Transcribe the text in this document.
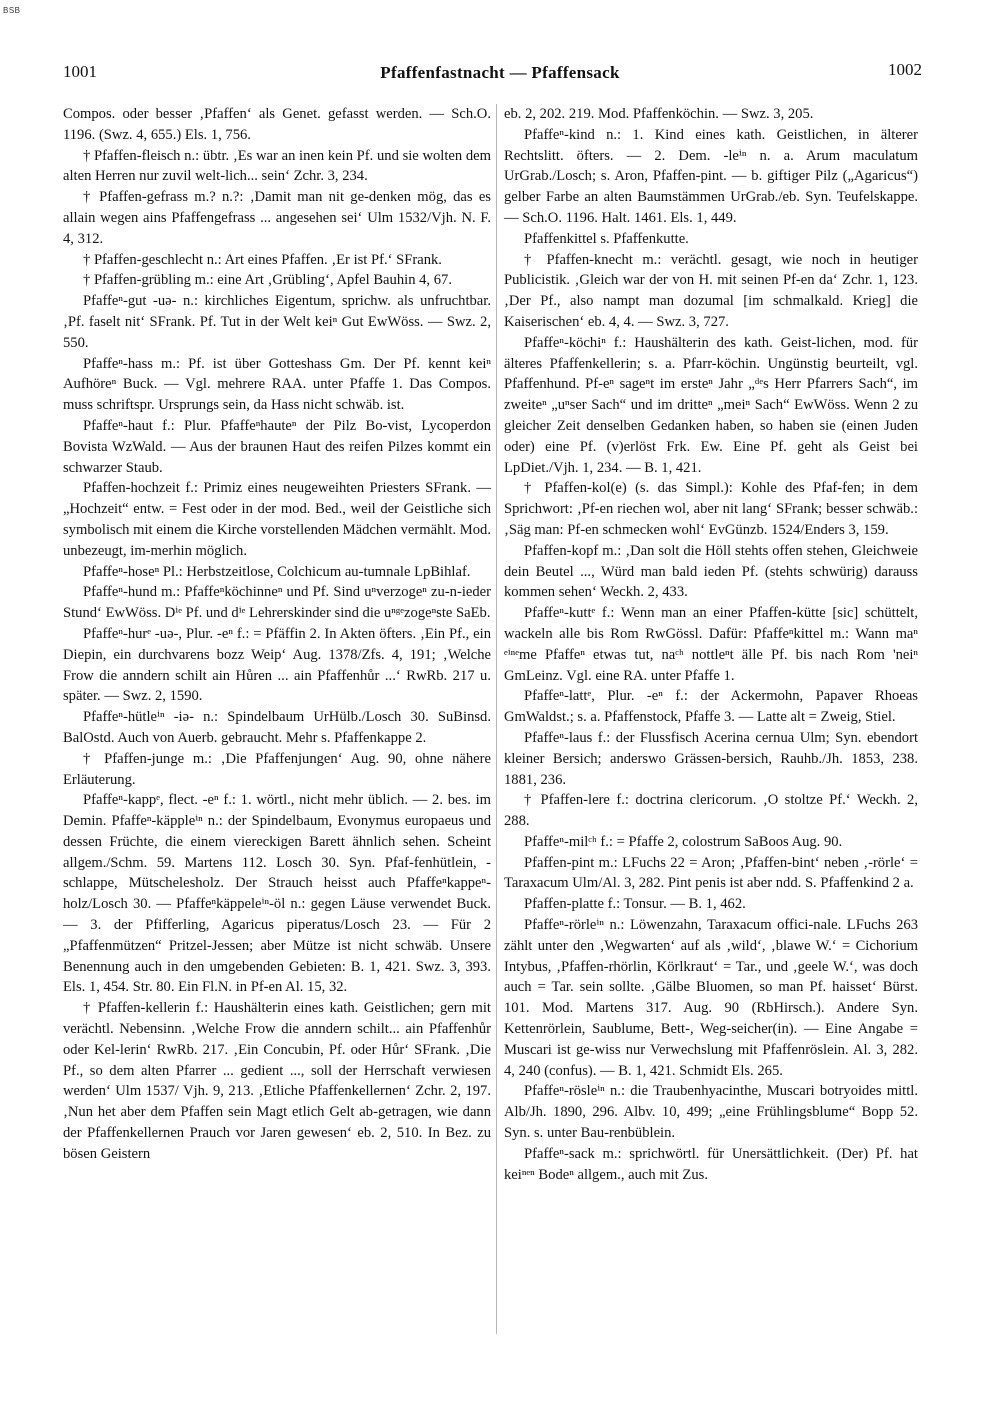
BSB
1001	Pfaffenfastnacht — Pfaffensack	1002

Compos. oder besser ‚Pfaffen‘ als Genet. gefasst werden. — Sch.O. 1196. (Swz. 4, 655.) Els. 1, 756.

† Pfaffen-fleisch n.: übtr. ‚Es war an inen kein Pf. und sie wolten dem alten Herren nur zuvil welt-lich... sein‘ Zchr. 3, 234.

† Pfaffen-gefrass m.? n.?: ‚Damit man nit ge-denken mög, das es allain wegen ains Pfaffengefrass ... angesehen sei‘ Ulm 1532/Vjh. N. F. 4, 312.

† Pfaffen-geschlecht n.: Art eines Pfaffen. ‚Er ist Pf.‘ SFrank.

† Pfaffen-grübling m.: eine Art ‚Grübling‘, Apfel Bauhin 4, 67.

Pfaffeⁿ-gut -uə- n.: kirchliches Eigentum, sprichw. als unfruchtbar. ‚Pf. faselt nit‘ SFrank. Pf. Tut in der Welt keiⁿ Gut EwWöss. — Swz. 2, 550.

Pfaffeⁿ-hass m.: Pf. ist über Gotteshass Gm. Der Pf. kennt keiⁿ Aufhöreⁿ Buck. — Vgl. mehrere RAA. unter Pfaffe 1. Das Compos. muss schriftspr. Ursprungs sein, da Hass nicht schwäb. ist.

Pfaffeⁿ-haut f.: Plur. Pfaffeⁿhauteⁿ der Pilz Bo-vist, Lycoperdon Bovista WzWald. — Aus der braunen Haut des reifen Pilzes kommt ein schwarzer Staub.

Pfaffen-hochzeit f.: Primiz eines neugeweihten Priesters SFrank. — „Hochzeit“ entw. = Fest oder in der mod. Bed., weil der Geistliche sich symbolisch mit einem die Kirche vorstellenden Mädchen vermählt. Mod. unbezeugt, im-merhin möglich.

Pfaffeⁿ-hoseⁿ Pl.: Herbstzeitlose, Colchicum au-tumnale LpBihlaf.

Pfaffeⁿ-hund m.: Pfaffeⁿköchinneⁿ und Pf. Sind uⁿverzogeⁿ zu-n-ieder Stund‘ EwWöss. Dⁱᵉ Pf. und dⁱᵉ Lehrerskinder sind die uⁿᵍᵉzogeⁿste SaEb.

Pfaffeⁿ-hurᵉ -uə-, Plur. -eⁿ f.: = Pfäffin 2. In Akten öfters. ‚Ein Pf., ein Diepin, ein durchvarens bozz Weip‘ Aug. 1378/Zfs. 4, 191; ‚Welche Frow die anndern schilt ain Hůren ... ain Pfaffenhůr ...‘ RwRb. 217 u. später. — Swz. 2, 1590.

Pfaffeⁿ-hütleⁱⁿ -iə- n.: Spindelbaum UrHülb./Losch 30. SuBinsd. BalOstd. Auch von Auerb. gebraucht. Mehr s. Pfaffenkappe 2.

† Pfaffen-junge m.: ‚Die Pfaffenjungen‘ Aug. 90, ohne nähere Erläuterung.

Pfaffeⁿ-kappᵉ, flect. -eⁿ f.: 1. wörtl., nicht mehr üblich. — 2. bes. im Demin. Pfaffeⁿ-käppleⁱⁿ n.: der Spindelbaum, Evonymus europaeus und dessen Früchte, die einem viereckigen Barett ähnlich sehen. Scheint allgem./Schm. 59. Martens 112. Losch 30. Syn. Pfaf-fenhütlein, -schlappe, Mütschelesholz. Der Strauch heisst auch Pfaffeⁿkappeⁿ-holz/Losch 30. — Pfaffeⁿkäppeleⁱⁿ-öl n.: gegen Läuse verwendet Buck. — 3. der Pfifferling, Agaricus piperatus/Losch 23. — Für 2 „Pfaffenmützen“ Pritzel-Jessen; aber Mütze ist nicht schwäb. Unsere Benennung auch in den umgebenden Gebieten: B. 1, 421. Swz. 3, 393. Els. 1, 454. Str. 80. Ein Fl.N. in Pf-en Al. 15, 32.

† Pfaffen-kellerin f.: Haushälterin eines kath. Geistlichen; gern mit verächtl. Nebensinn. ‚Welche Frow die anndern schilt... ain Pfaffenhůr oder Kel-lerin‘ RwRb. 217. ‚Ein Concubin, Pf. oder Hůr‘ SFrank. ‚Die Pf., so dem alten Pfarrer ... gedient ..., soll der Herrschaft verwiesen werden‘ Ulm 1537/ Vjh. 9, 213. ‚Etliche Pfaffenkellernen‘ Zchr. 2, 197. ‚Nun het aber dem Pfaffen sein Magt etlich Gelt ab-getragen, wie dann der Pfaffenkellernen Prauch vor Jaren gewesen‘ eb. 2, 510. In Bez. zu bösen Geistern

eb. 2, 202. 219. Mod. Pfaffenköchin. — Swz. 3, 205.

Pfaffeⁿ-kind n.: 1. Kind eines kath. Geistlichen, in älterer Rechtslitt. öfters. — 2. Dem. -leⁱⁿ n. a. Arum maculatum UrGrab./Losch; s. Aron, Pfaffen-pint. — b. giftiger Pilz („Agaricus“) gelber Farbe an alten Baumstämmen UrGrab./eb. Syn. Teufelskappe. — Sch.O. 1196. Halt. 1461. Els. 1, 449.

Pfaffenkittel s. Pfaffenkutte.

† Pfaffen-knecht m.: verächtl. gesagt, wie noch in heutiger Publicistik. ‚Gleich war der von H. mit seinen Pf-en da‘ Zchr. 1, 123. ‚Der Pf., also nampt man dozumal [im schmalkald. Krieg] die Kaiserischen‘ eb. 4, 4. — Swz. 3, 727.

Pfaffeⁿ-köchiⁿ f.: Haushälterin des kath. Geist-lichen, mod. für älteres Pfaffenkellerin; s. a. Pfarr-köchin. Ungünstig beurteilt, vgl. Pfaffenhund. Pf-eⁿ sageⁿt im ersteⁿ Jahr „ᵈᵉs Herr Pfarrers Sach“, im zweiteⁿ „uⁿser Sach“ und im dritteⁿ „meiⁿ Sach“ EwWöss. Wenn 2 zu gleicher Zeit denselben Gedanken haben, so haben sie (einen Juden oder) eine Pf. (v)erlöst Frk. Ew. Eine Pf. geht als Geist bei LpDiet./Vjh. 1, 234. — B. 1, 421.

† Pfaffen-kol(e) (s. das Simpl.): Kohle des Pfaf-fen; in dem Sprichwort: ‚Pf-en riechen wol, aber nit lang‘ SFrank; besser schwäb.: ‚Säg man: Pf-en schmecken wohl‘ EvGünzb. 1524/Enders 3, 159.

Pfaffen-kopf m.: ‚Dan solt die Höll stehts offen stehen, Gleichweie dein Beutel ..., Würd man bald ieden Pf. (stehts schwürig) darauss kommen sehen‘ Weckh. 2, 433.

Pfaffeⁿ-kuttᵉ f.: Wenn man an einer Pfaffen-kütte [sic] schüttelt, wackeln alle bis Rom RwGössl. Dafür: Pfaffeⁿkittel m.: Wann maⁿ ᵉⁱⁿᵉme Pfaffeⁿ etwas tut, naᶜʰ nottleⁿt älle Pf. bis nach Rom 'neiⁿ GmLeinz. Vgl. eine RA. unter Pfaffe 1.

Pfaffeⁿ-lattᵉ, Plur. -eⁿ f.: der Ackermohn, Papaver Rhoeas GmWaldst.; s. a. Pfaffenstock, Pfaffe 3. — Latte alt = Zweig, Stiel.

Pfaffeⁿ-laus f.: der Flussfisch Acerina cernua Ulm; Syn. ebendort kleiner Bersich; anderswo Grässen-bersich, Rauhb./Jh. 1853, 238. 1881, 236.

† Pfaffen-lere f.: doctrina clericorum. ‚O stoltze Pf.‘ Weckh. 2, 288.

Pfaffeⁿ-milᶜʰ f.: = Pfaffe 2, colostrum SaBoos Aug. 90.

Pfaffen-pint m.: LFuchs 22 = Aron; ‚Pfaffen-bint‘ neben ‚-rörle‘ = Taraxacum Ulm/Al. 3, 282. Pint penis ist aber ndd. S. Pfaffenkind 2 a.

Pfaffen-platte f.: Tonsur. — B. 1, 462.

Pfaffeⁿ-rörleⁱⁿ n.: Löwenzahn, Taraxacum offici-nale. LFuchs 263 zählt unter den ‚Wegwarten‘ auf als ‚wild‘, ‚blawe W.‘ = Cichorium Intybus, ‚Pfaffen-rhörlin, Körlkraut‘ = Tar., und ‚geele W.‘, was doch auch = Tar. sein sollte. ‚Gälbe Bluomen, so man Pf. haisset‘ Bürst. 101. Mod. Martens 317. Aug. 90 (RbHirsch.). Andere Syn. Kettenrörlein, Saublume, Bett-, Weg-seicher(in). — Eine Angabe = Muscari ist ge-wiss nur Verwechslung mit Pfaffenröslein. Al. 3, 282. 4, 240 (confus). — B. 1, 421. Schmidt Els. 265.

Pfaffeⁿ-rösleⁱⁿ n.: die Traubenhyacinthe, Muscari botryoides mittl. Alb/Jh. 1890, 296. Albv. 10, 499; „eine Frühlingsblume“ Bopp 52. Syn. s. unter Bau-renbüblein.

Pfaffeⁿ-sack m.: sprichwörtl. für Unersättlichkeit. (Der) Pf. hat keiⁿᵉⁿ Bodeⁿ allgem., auch mit Zus.
